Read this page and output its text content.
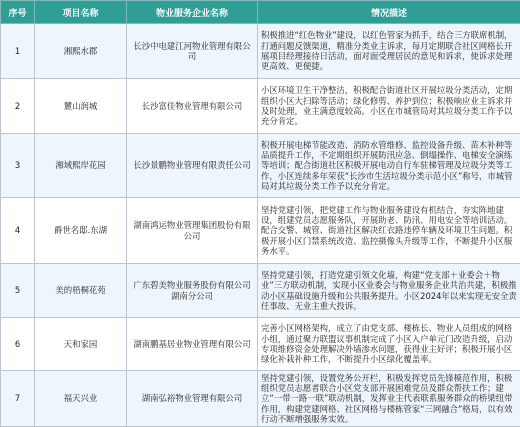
序号	项目名称	物业服务企业名称	情况描述
1	湘熙水郡	长沙中电建江河物业管理有限公司	积极推进“红色物业”建设，以红色管家为抓手，结合三方联席机制，打通问题反馈渠道，精准分类业主诉求，每月定期联合社区网格长开展项目经理接待日活动，面对面受理居民的意见和诉求，使诉求处理更高效、更便捷。
2	麓山润城	长沙富佳物业管理有限公司	小区环境卫生干净整洁，积极配合街道社区开展垃圾分类活动，定期组织小区大扫除等活动；绿化修剪、养护到位；积极响应业主诉求并及时处理，业主满意度较高。小区在市城管局对其垃圾分类工作予以充分肯定。
3	湘域熙岸花园	长沙景鹏物业管理有限责任公司	积极开展电梯节能改造、消防水管维修、监控设备升级、苗木补种等品质提升工作，不定期组织开展防汛应急、倒塌操作、电梯安全演练等培训；配合街道社区积极开展电动自行车驻梯管理及垃圾分类等工作，小区连续多年荣获“长沙市生活垃圾分类示范小区”称号，市城管局对其垃圾分类工作予以充分肯定。
4	爵世名邸.东湖	湖南鸿运物业管理集团股份有限公司	坚持党建引领，把党建工作与物业服务建设有机结合，夯实阵地建设，组建党员志愿服务队，开展助老、防汛、用电安全等培训活动。配合交警、城管、街道社区解决红衣路违停车辆及环境卫生问题。积极开展小区门禁系统改造、监控摄像头升级等工作，不断提升小区服务水平。
5	美的梧桐花苑	广东碧美物业服务股份有限公司湖南分公司	坚持党建引领，打造党建引领文化墙，构建“党支部＋业委会＋物业”三方联动机制，实现小区业委会与物业服务企业共治共建，积极推动小区基础设施升级和公共服务提升。小区2024年以来实现无安全责任事故、无业主重大投诉。
6	天和家园	湖南鹏基居业物业管理有限公司	完善小区网格架构，成立了由党支部、楼栋长、物业人员组成的网格小组，通过聚力联盟议事机制完成了小区入户单元门改造升级，启动专项维修资金处理解决外墙渗水问题，获得业主好评；积极开展小区绿化补栽补种工作，不断提升小区绿化覆盖率。
7	福天兴业	湖南弘裕物业管理有限公司	坚持党建引领，设置党务公开栏，积极发挥党员先锋模范作用，积极组织党员志愿者联合小区党支部开展困难党员及群众帮扶工作；建立“一带一路一联”联动机制，发挥业主代表联系服务群众的桥梁纽带作用，构建党建网格、社区网格与楼栋管家“三网融合”格局，以有效行动不断增强服务实效。
